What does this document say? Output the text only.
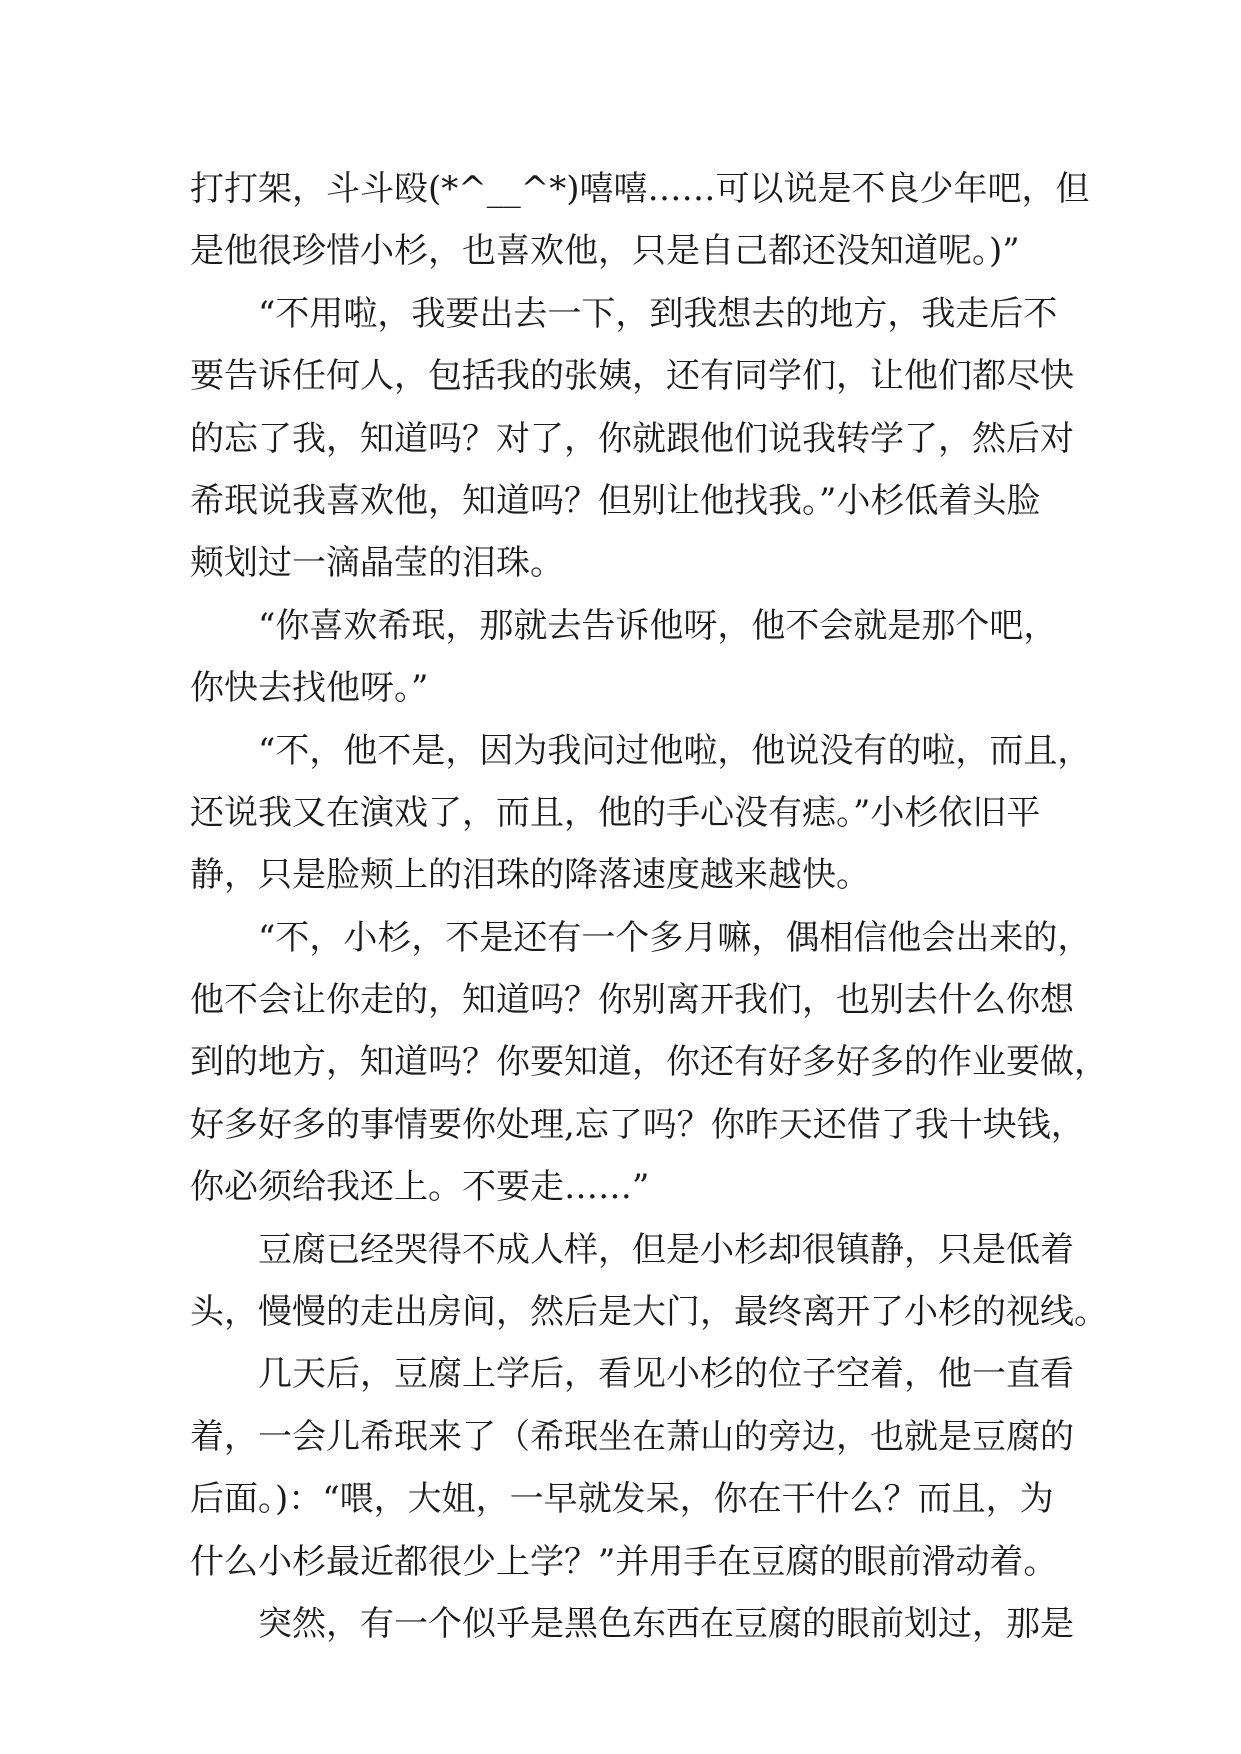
打打架，斗斗殴(*^__^*)嘻嘻……可以说是不良少年吧，但
是他很珍惜小杉，也喜欢他，只是自己都还没知道呢。)”
“不用啦，我要出去一下，到我想去的地方，我走后不
要告诉任何人，包括我的张姨，还有同学们，让他们都尽快
的忘了我，知道吗？对了，你就跟他们说我转学了，然后对
希珉说我喜欢他，知道吗？但别让他找我。”小杉低着头脸
颊划过一滴晶莹的泪珠。
“你喜欢希珉，那就去告诉他呀，他不会就是那个吧，
你快去找他呀。”
“不，他不是，因为我问过他啦，他说没有的啦，而且，
还说我又在演戏了，而且，他的手心没有痣。”小杉依旧平
静，只是脸颊上的泪珠的降落速度越来越快。
“不，小杉，不是还有一个多月嘛，偶相信他会出来的，
他不会让你走的，知道吗？你别离开我们，也别去什么你想
到的地方，知道吗？你要知道，你还有好多好多的作业要做，
好多好多的事情要你处理,忘了吗？你昨天还借了我十块钱，
你必须给我还上。不要走……”
豆腐已经哭得不成人样，但是小杉却很镇静，只是低着
头，慢慢的走出房间，然后是大门，最终离开了小杉的视线。
几天后，豆腐上学后，看见小杉的位子空着，他一直看
着，一会儿希珉来了（希珉坐在萧山的旁边，也就是豆腐的
后面。)：“喂，大姐，一早就发呆，你在干什么？而且，为
什么小杉最近都很少上学？”并用手在豆腐的眼前滑动着。
突然，有一个似乎是黑色东西在豆腐的眼前划过，那是
